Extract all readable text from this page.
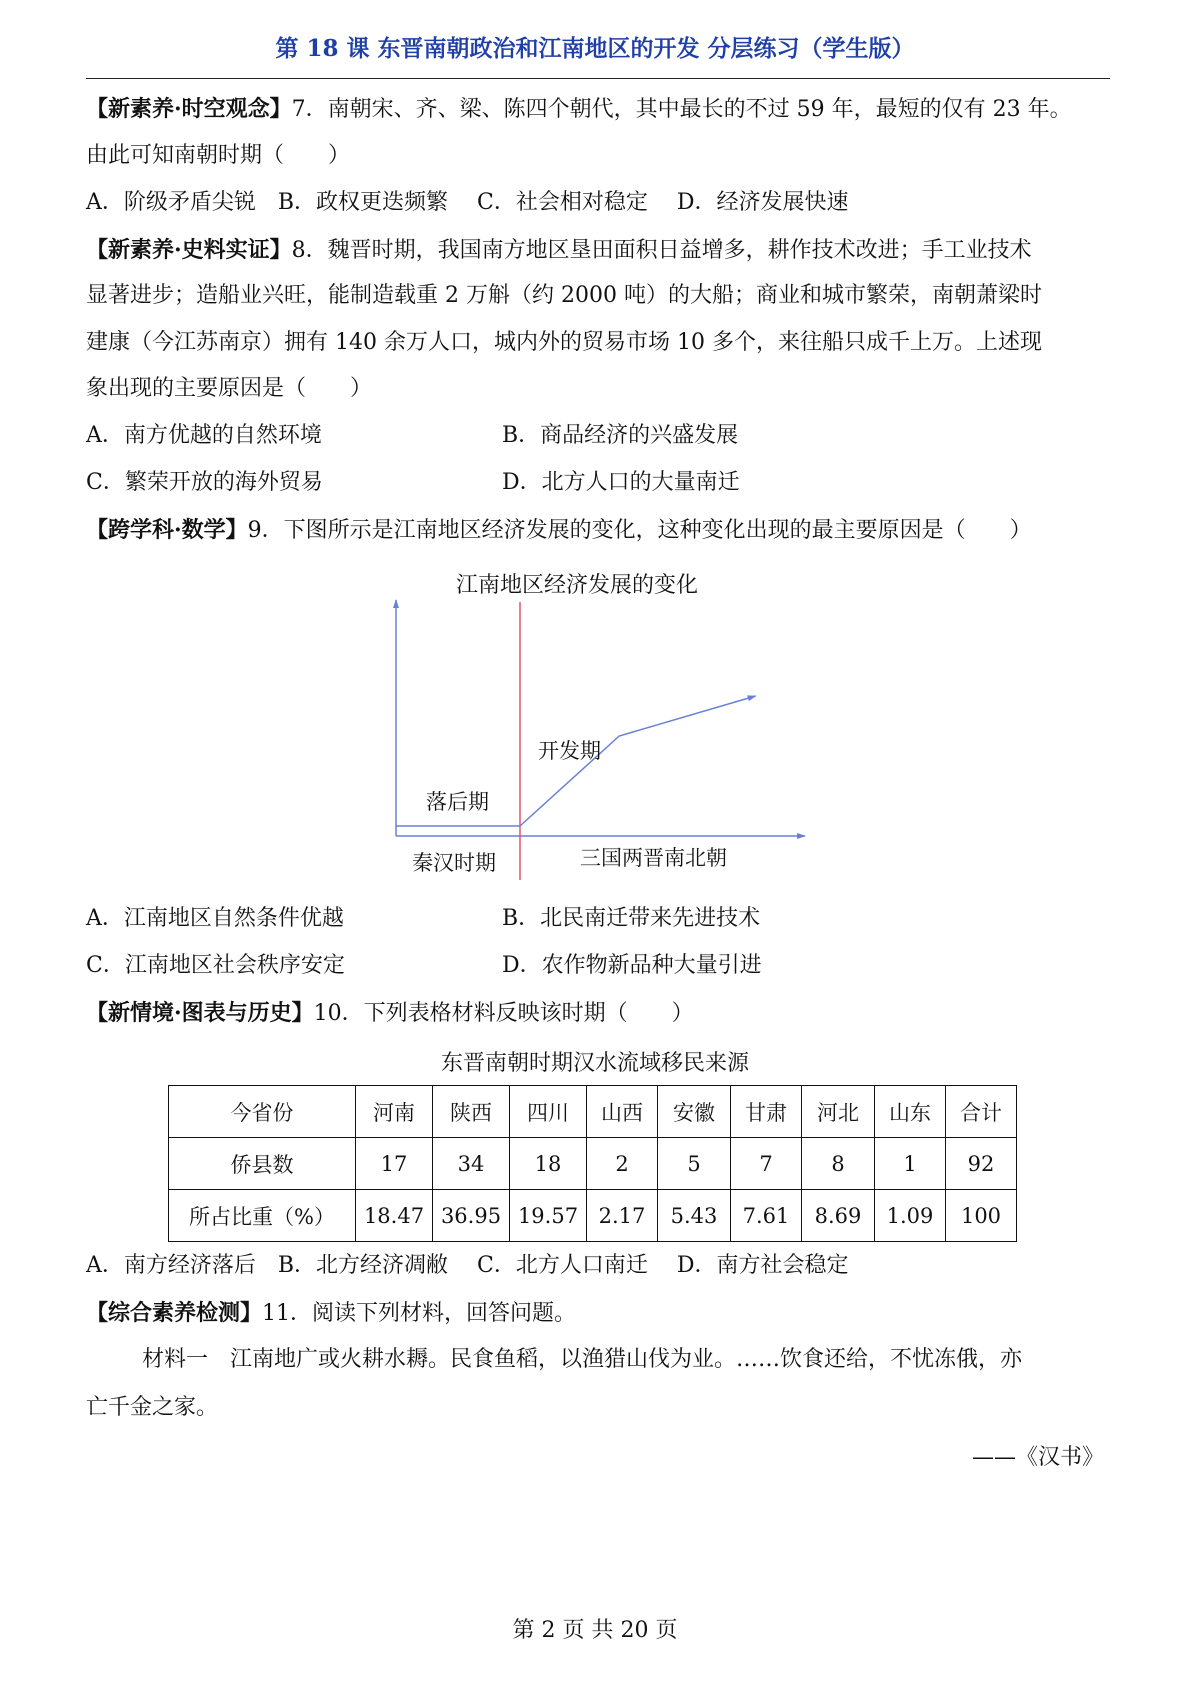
第 18 课 东晋南朝政治和江南地区的开发 分层练习（学生版）
【新素养·时空观念】7．南朝宋、齐、梁、陈四个朝代，其中最长的不过 59 年，最短的仅有 23 年。
由此可知南朝时期（　　）
A．阶级矛盾尖锐　B．政权更迭频繁　 C．社会相对稳定　 D．经济发展快速
【新素养·史料实证】8．魏晋时期，我国南方地区垦田面积日益增多，耕作技术改进；手工业技术
显著进步；造船业兴旺，能制造载重 2 万斛（约 2000 吨）的大船；商业和城市繁荣，南朝萧梁时
建康（今江苏南京）拥有 140 余万人口，城内外的贸易市场 10 多个，来往船只成千上万。上述现
象出现的主要原因是（　　）
A．南方优越的自然环境	B．商品经济的兴盛发展
C．繁荣开放的海外贸易	D．北方人口的大量南迁
【跨学科·数学】9．下图所示是江南地区经济发展的变化，这种变化出现的最主要原因是（　　）
江南地区经济发展的变化
落后期
开发期
秦汉时期	三国两晋南北朝
A．江南地区自然条件优越	B．北民南迁带来先进技术
C．江南地区社会秩序安定	D．农作物新品种大量引进
【新情境·图表与历史】10．下列表格材料反映该时期（　　）
东晋南朝时期汉水流域移民来源
今省份	河南	陕西	四川	山西	安徽	甘肃	河北	山东	合计
侨县数	17	34	18	2	5	7	8	1	92
所占比重（%）	18.47	36.95	19.57	2.17	5.43	7.61	8.69	1.09	100
A．南方经济落后　B．北方经济凋敝　 C．北方人口南迁　 D．南方社会稳定
【综合素养检测】11．阅读下列材料，回答问题。
材料一　江南地广或火耕水耨。民食鱼稻，以渔猎山伐为业。……饮食还给，不忧冻俄，亦
亡千金之家。
——《汉书》
第 2 页 共 20 页
